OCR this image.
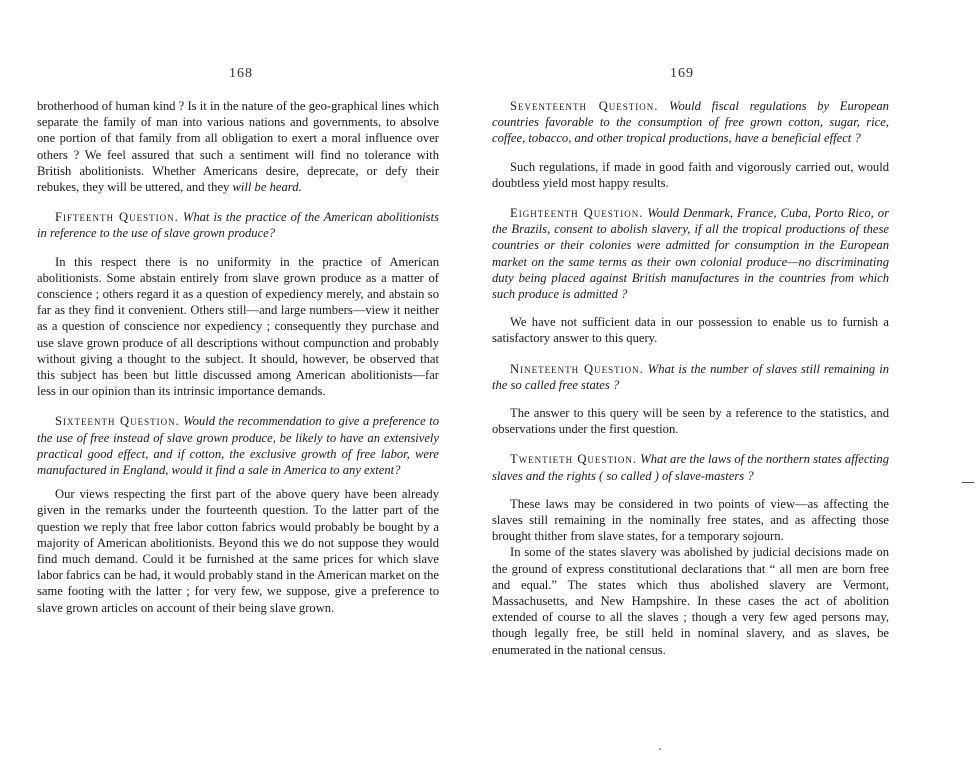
168

brotherhood of human kind ? Is it in the nature of the geo-graphical lines which separate the family of man into various nations and governments, to absolve one portion of that family from all obligation to exert a moral influence over others ? We feel assured that such a sentiment will find no tolerance with British abolitionists. Whether Americans desire, deprecate, or defy their rebukes, they will be uttered, and they will be heard.

Fifteenth Question. What is the practice of the American abolitionists in reference to the use of slave grown produce?

In this respect there is no uniformity in the practice of American abolitionists. Some abstain entirely from slave grown produce as a matter of conscience ; others regard it as a question of expediency merely, and abstain so far as they find it convenient. Others still—and large numbers—view it neither as a question of conscience nor expediency ; consequently they purchase and use slave grown produce of all descriptions without compunction and probably without giving a thought to the subject. It should, however, be observed that this subject has been but little discussed among American abolitionists—far less in our opinion than its intrinsic importance demands.

Sixteenth Question. Would the recommendation to give a preference to the use of free instead of slave grown produce, be likely to have an extensively practical good effect, and if cotton, the exclusive growth of free labor, were manufactured in England, would it find a sale in America to any extent?

Our views respecting the first part of the above query have been already given in the remarks under the fourteenth question. To the latter part of the question we reply that free labor cotton fabrics would probably be bought by a majority of American abolitionists. Beyond this we do not suppose they would find much demand. Could it be furnished at the same prices for which slave labor fabrics can be had, it would probably stand in the American market on the same footing with the latter ; for very few, we suppose, give a preference to slave grown articles on account of their being slave grown.

169

Seventeenth Question. Would fiscal regulations by European countries favorable to the consumption of free grown cotton, sugar, rice, coffee, tobacco, and other tropical productions, have a beneficial effect ?

Such regulations, if made in good faith and vigorously carried out, would doubtless yield most happy results.

Eighteenth Question. Would Denmark, France, Cuba, Porto Rico, or the Brazils, consent to abolish slavery, if all the tropical productions of these countries or their colonies were admitted for consumption in the European market on the same terms as their own colonial produce—no discriminating duty being placed against British manufactures in the countries from which such produce is admitted ?

We have not sufficient data in our possession to enable us to furnish a satisfactory answer to this query.

Nineteenth Question. What is the number of slaves still remaining in the so called free states ?

The answer to this query will be seen by a reference to the statistics, and observations under the first question.

Twentieth Question. What are the laws of the northern states affecting slaves and the rights ( so called ) of slave-masters ?

These laws may be considered in two points of view—as affecting the slaves still remaining in the nominally free states, and as affecting those brought thither from slave states, for a temporary sojourn.

In some of the states slavery was abolished by judicial decisions made on the ground of express constitutional declarations that “ all men are born free and equal.” The states which thus abolished slavery are Vermont, Massachusetts, and New Hampshire. In these cases the act of abolition extended of course to all the slaves ; though a very few aged persons may, though legally free, be still held in nominal slavery, and as slaves, be enumerated in the national census.
